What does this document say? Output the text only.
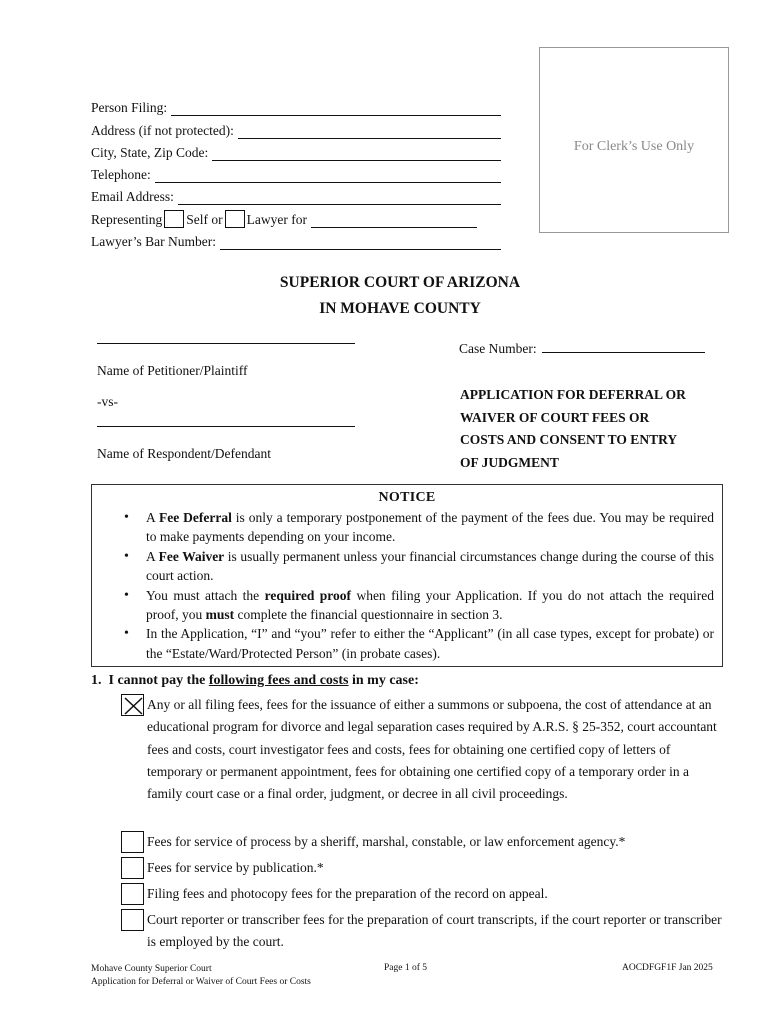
Person Filing:
Address (if not protected):
City, State, Zip Code:
Telephone:
Email Address:
Representing Self or Lawyer for
Lawyer’s Bar Number:
For Clerk’s Use Only
SUPERIOR COURT OF ARIZONA
IN MOHAVE COUNTY
Name of Petitioner/Plaintiff
-vs-
Name of Respondent/Defendant
Case Number:
APPLICATION FOR DEFERRAL OR
WAIVER OF COURT FEES OR
COSTS AND CONSENT TO ENTRY
OF JUDGMENT
NOTICE
• A Fee Deferral is only a temporary postponement of the payment of the fees due. You may be required to make payments depending on your income.
• A Fee Waiver is usually permanent unless your financial circumstances change during the course of this court action.
• You must attach the required proof when filing your Application. If you do not attach the required proof, you must complete the financial questionnaire in section 3.
• In the Application, “I” and “you” refer to either the “Applicant” (in all case types, except for probate) or the “Estate/Ward/Protected Person” (in probate cases).
1. I cannot pay the following fees and costs in my case:
Any or all filing fees, fees for the issuance of either a summons or subpoena, the cost of attendance at an educational program for divorce and legal separation cases required by A.R.S. § 25-352, court accountant fees and costs, court investigator fees and costs, fees for obtaining one certified copy of letters of temporary or permanent appointment, fees for obtaining one certified copy of a temporary order in a family court case or a final order, judgment, or decree in all civil proceedings.
Fees for service of process by a sheriff, marshal, constable, or law enforcement agency.*
Fees for service by publication.*
Filing fees and photocopy fees for the preparation of the record on appeal.
Court reporter or transcriber fees for the preparation of court transcripts, if the court reporter or transcriber is employed by the court.
Mohave County Superior Court
Application for Deferral or Waiver of Court Fees or Costs
Page 1 of 5	AOCDFGF1F Jan 2025
